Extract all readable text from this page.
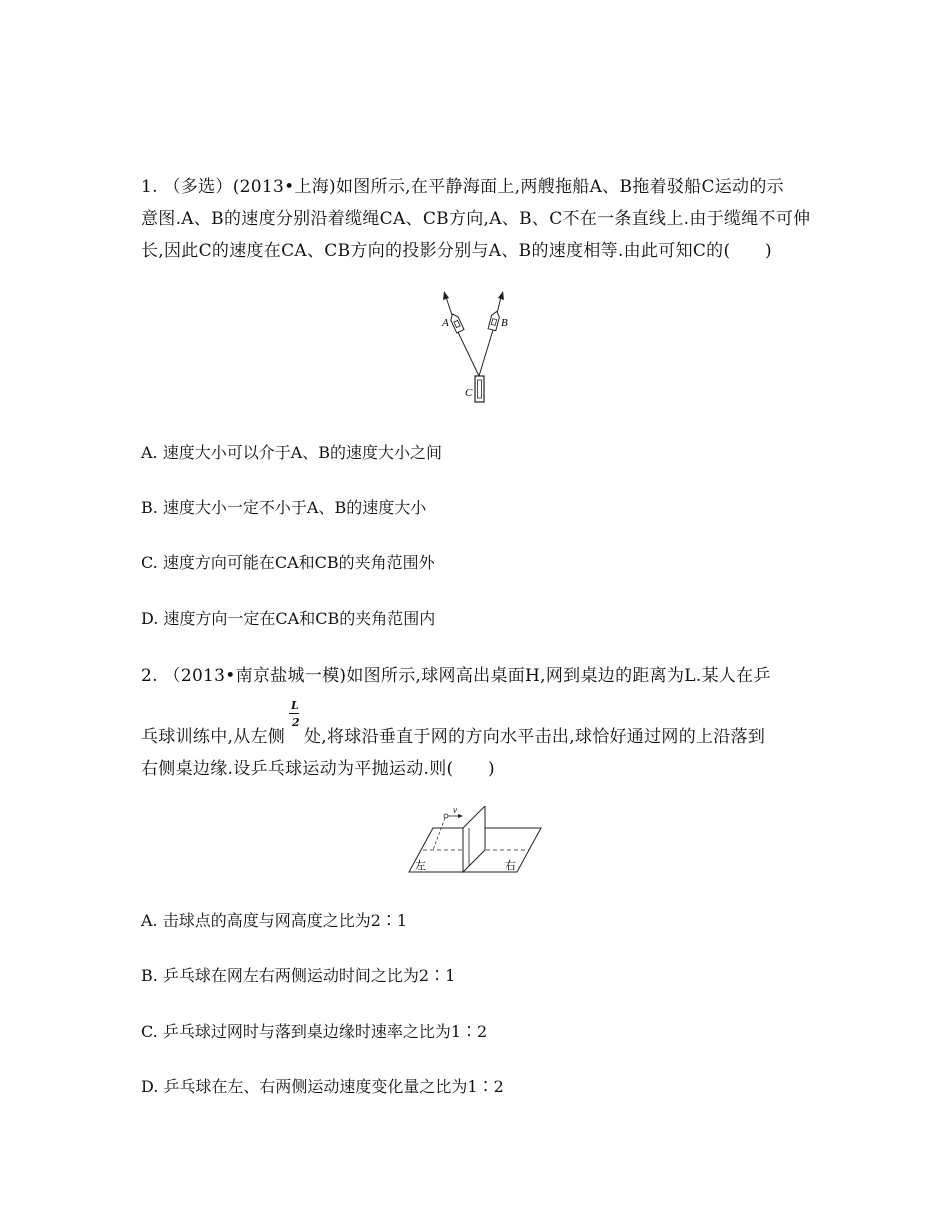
1. （多选）(2013•上海)如图所示,在平静海面上,两艘拖船A、B拖着驳船C运动的示
意图.A、B的速度分别沿着缆绳CA、CB方向,A、B、C不在一条直线上.由于缆绳不可伸
长,因此C的速度在CA、CB方向的投影分别与A、B的速度相等.由此可知C的(　　)
A	B
C
A. 速度大小可以介于A、B的速度大小之间
B. 速度大小一定不小于A、B的速度大小
C. 速度方向可能在CA和CB的夹角范围外
D. 速度方向一定在CA和CB的夹角范围内
2. （2013•南京盐城一模)如图所示,球网高出桌面H,网到桌边的距离为L.某人在乒
L
2
乓球训练中,从左侧 处,将球沿垂直于网的方向水平击出,球恰好通过网的上沿落到
右侧桌边缘.设乒乓球运动为平抛运动.则(　　)
v
左	右
A. 击球点的高度与网高度之比为2∶1
B. 乒乓球在网左右两侧运动时间之比为2∶1
C. 乒乓球过网时与落到桌边缘时速率之比为1∶2
D. 乒乓球在左、右两侧运动速度变化量之比为1∶2
